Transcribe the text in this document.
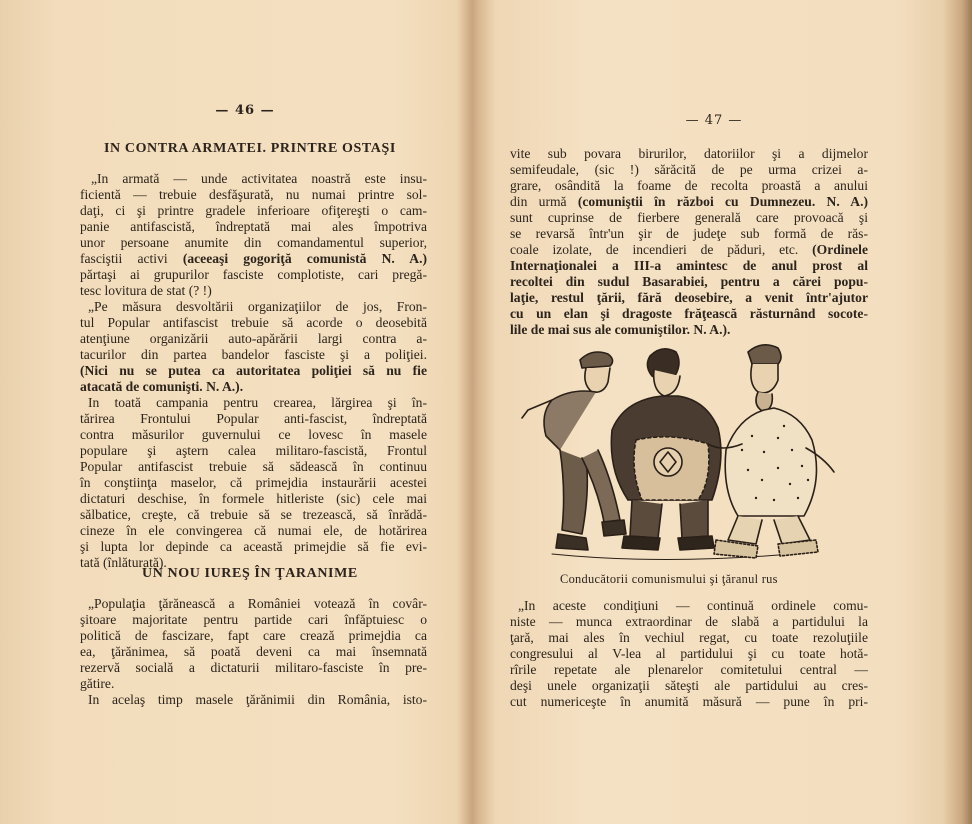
— 46 —
IN CONTRA ARMATEI. PRINTRE OSTAŞI
„In armată — unde activitatea noastră este insu-
ficientă — trebuie desfăşurată, nu numai printre sol-
daţi, ci şi printre gradele inferioare ofiţereşti o cam-
panie antifascistă, îndreptată mai ales împotriva
unor persoane anumite din comandamentul superior,
fasciştii activi (aceeaşi gogoriţă comunistă N. A.)
părtaşi ai grupurilor fasciste complotiste, cari pregă-
tesc lovitura de stat (? !)
„Pe măsura desvoltării organizaţiilor de jos, Fron-
tul Popular antifascist trebuie să acorde o deosebită
atenţiune organizării auto-apărării largi contra a-
tacurilor din partea bandelor fasciste şi a poliţiei.
(Nici nu se putea ca autoritatea poliţiei să nu fie
atacată de comunişti. N. A.).
In toată campania pentru crearea, lărgirea şi în-
tărirea Frontului Popular anti-fascist, îndreptată
contra măsurilor guvernului ce lovesc în masele
populare şi aştern calea militaro-fascistă, Frontul
Popular antifascist trebuie să sădească în continuu
în conştiinţa maselor, că primejdia instaurării acestei
dictaturi deschise, în formele hitleriste (sic) cele mai
sălbatice, creşte, că trebuie să se trezească, să înrădă-
cineze în ele convingerea că numai ele, de hotărirea
şi lupta lor depinde ca această primejdie să fie evi-
tată (înlăturată).
UN NOU IUREŞ ÎN ŢARANIME
„Populaţia ţărănească a României votează în covâr-
şitoare majoritate pentru partide cari înfăptuiesc o
politică de fascizare, fapt care crează primejdia ca
ea, ţărănimea, să poată deveni ca mai însemnată
rezervă socială a dictaturii militaro-fasciste în pre-
gătire.
In acelaş timp masele ţărănimii din România, isto-
— 47 —
vite sub povara birurilor, datoriilor şi a dijmelor
semifeudale, (sic !) sărăcită de pe urma crizei a-
grare, osândită la foame de recolta proastă a anului
din urmă (comuniştii în război cu Dumnezeu. N. A.)
sunt cuprinse de fierbere generală care provoacă şi
se revarsă într'un şir de judeţe sub formă de răs-
coale izolate, de incendieri de păduri, etc. (Ordinele
Internaţionalei a III-a amintesc de anul prost al
recoltei din sudul Basarabiei, pentru a cărei popu-
laţie, restul ţării, fără deosebire, a venit într'ajutor
cu un elan şi dragoste frăţească răsturnând socote-
lile de mai sus ale comuniştilor. N. A.).
Conducătorii comunismului şi ţăranul rus
„In aceste condiţiuni — continuă ordinele comu-
niste — munca extraordinar de slabă a partidului la
ţară, mai ales în vechiul regat, cu toate rezoluţiile
congresului al V-lea al partidului şi cu toate hotă-
rîrile repetate ale plenarelor comitetului central —
deşi unele organizaţii săteşti ale partidului au cres-
cut numericeşte în anumită măsură — pune în pri-
